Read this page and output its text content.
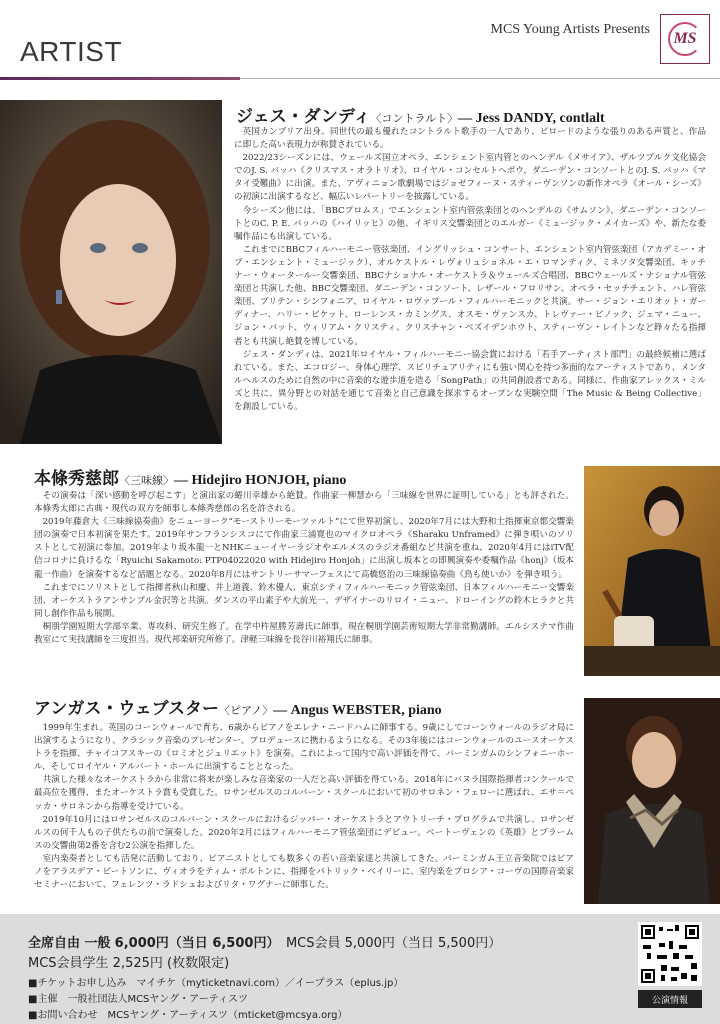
MCS Young Artists Presents
MS
ARTIST
ジェス・ダンディ〈コントラルト〉— Jess DANDY, contlalt

英国カンブリア出身。同世代の最も優れたコントラルト歌手の一人であり、ビロードのような張りのある声質と、作品に即した高い表現力が称賛されている。

2022/23シーズンには、ウェールズ国立オペラ、エンシェント室内管とのヘンデル《メサイア》、ザルツブルク文化協会でのJ. S. バッハ《クリスマス・オラトリオ》、ロイヤル・コンセルトヘボウ、ダニーデン・コンソートとのJ. S. バッハ《マタイ受難曲》に出演。また、アヴィニョン歌劇場ではジョゼフィーヌ・スティーヴンソンの新作オペラ《オール・シーズ》の初演に出演するなど、幅広いレパートリーを披露している。

今シーズン他には、「BBCプロムス」でエンシェント室内管弦楽団とのヘンデルの《サムソン》、ダニーデン・コンソートとのC. P. E. バッハの《ハイリッヒ》の他、イギリス交響楽団とのエルガー《ミュージック・メイカーズ》や、新たな委嘱作品にも出演している。

これまでにBBCフィルハーモニー管弦楽団、イングリッシュ・コンサート、エンシェント室内管弦楽団（アカデミー・オブ・エンシェント・ミュージック）、オルケストル・レヴォリュショネル・エ・ロマンティク、ミネソタ交響楽団、キッチナー・ウォータールー交響楽団、BBCナショナル・オーケストラ＆ウェールズ合唱団、BBCウェールズ・ナショナル管弦楽団と共演した他、BBC交響楽団、ダニーデン・コンソート、レザール・フロリサン、オペラ・セッチチェント、ハレ管弦楽団、ブリテン・シンフォニア、ロイヤル・ロヴァプール・フィルハーモニックと共演。サー・ジョン・エリオット・ガーディナー、ハリー・ビケット、ローレンス・カミングス、オスモ・ヴァンスカ、トレヴァー・ピノック、ジェマ・ニュー、ジョン・バット、ウィリアム・クリスティ、クリスチャン・ベズイデンホウト、スティーヴン・レイトンなど錚々たる指揮者とも共演し絶賛を博している。

ジェス・ダンディは、2021年ロイヤル・フィルハーモニー協会賞における「若手アーティスト部門」の最終候補に選ばれている。また、エコロジー、身体心理学、スピリチュアリティにも強い関心を持つ多面的なアーティストであり、メンタルヘルスのために自然の中に音楽的な遊歩道を造る「SongPath」の共同創設者である。同様に、作曲家アレックス・ミルズと共に、異分野との対話を通じて音楽と自己意識を探求するオープンな実験空間「The Music & Being Collective」を創設している。

本條秀慈郎〈三味線〉— Hidejiro HONJOH, piano

その演奏は「深い感動を呼び起こす」と演出家の蜷川幸雄から絶賛。作曲家一柳慧から「三味線を世界に証明している」とも評された。本條秀太郎に古典・現代の双方を師事し本條秀慈郎の名を許される。

2019年藤倉大《三味線協奏曲》をニューヨーク“モーストリーモーツァルト”にて世界初演し、2020年7月には大野和士指揮東京都交響楽団の演奏で日本初演を果たす。2019年サンフランシスコにて作曲家三浦寛也のマイクロオペラ《Sharaku Unframed》に弾き唄いのソリストとして初演に参加。2019年より坂本龍一とNHKニューイヤーラジオやエルメスのラジオ番組など共演を重ね、2020年4月にはiTV配信コロナに負けるな「Ryuichi Sakamoto: PTP04022020 with Hidejiro Honjoh」に出演し坂本との即興演奏や委嘱作品《honj》（坂本龍一作曲）を演奏するなど話題となる。2020年8月にはサントリーサマーフェスにて高橋悠治の三味線協奏曲《鳥も使いか》を弾き唄う。

これまでにソリストとして指揮者秋山和慶、井上道義、鈴木優人、東京シティフィルハーモニック管弦楽団、日本フィルハーモニー交響楽団、オーケストラアンサンブル金沢等と共演。ダンスの平山素子や大前光一、デザイナーのリロイ・ニュー、ドローイングの鈴木ヒラクと共同し創作作品も展開。

桐朋学園短期大学部卒業、専攻科、研究生修了。在学中杵屋勝芳壽氏に師事。現在桐朋学園芸術短期大学非常勤講師。エルシステマ作曲教室にて実技講師を三度担当。現代邦楽研究所修了。津軽三味線を長谷川裕翔氏に師事。

アンガス・ウェブスター〈ピアノ〉— Angus WEBSTER, piano

1999年生まれ。英国のコーンウォールで育ち、6歳からピアノをエレナ・ニードハムに師事する。9歳にしてコーンウォールのラジオ局に出演するようになり、クラシック音楽のプレゼンター、プロデュースに携わるようになる。その3年後にはコーンウォールのユースオーケストラを指揮、チャイコフスキーの《ロミオとジュリエット》を演奏。これによって国内で高い評価を得て、バーミンガムのシンフォニーホール、そしてロイヤル・アルバート・ホールに出演することとなった。

共演した様々なオーケストラから非常に将来が楽しみな音楽家の一人だと高い評価を得ている。2018年にバヌラ国際指揮者コンクールで最高位を獲得、またオーケストラ賞も受賞した。ロサンゼルスのコルバーン・スクールにおいて初のサロネン・フェローに選ばれ、エサ＝ペッカ・サロネンから指導を受けている。

2019年10月にはロサンゼルスのコルバーン・スクールにおけるジッパー・オーケストラとアウトリーチ・プログラムで共演し、ロサンゼルスの何千人もの子供たちの前で演奏した。2020年2月にはフィルハーモニア管弦楽団にデビュー。ベートーヴェンの《英雄》とブラームスの交響曲第2番を含む2公演を指揮した。

室内楽奏者としても活発に活動しており、ピアニストとしても数多くの若い音楽家達と共演してきた。バーミンガム王立音楽院ではピアノをアラスデア・ビートソンに、ヴィオラをティム・ボルトンに、指揮をパトリック・ベイリーに、室内楽をプロシア・コーヴの国際音楽家セミナーにおいて、フェレンツ・ラドシュおよびリタ・ワグナーに師事した。

全席自由 一般 6,000円（当日 6,500円）　 MCS会員 5,000円（当日 5,500円）
MCS会員学生 2,525円 (枚数限定)
■チケットお申し込み　マイチケ（myticketnavi.com）／イープラス（eplus.jp）
■主催　一般社団法人MCSヤング・アーティスツ
■お問い合わせ　MCSヤング・アーティスツ（mticket@mcsya.org）
公演情報
